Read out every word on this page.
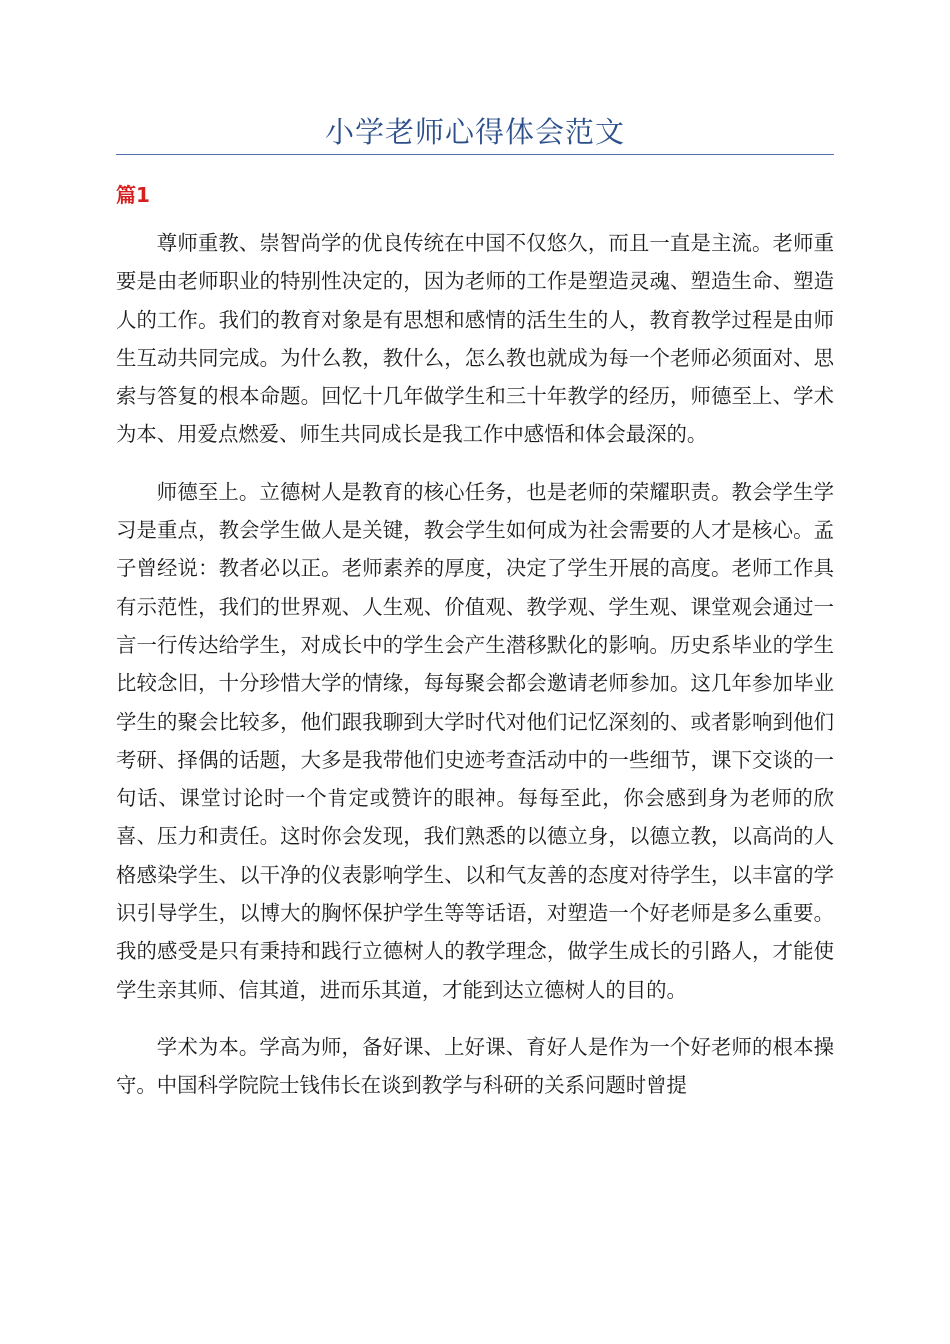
小学老师心得体会范文
篇1

尊师重教、崇智尚学的优良传统在中国不仅悠久，而且一直是主流。老师重要是由老师职业的特别性决定的，因为老师的工作是塑造灵魂、塑造生命、塑造人的工作。我们的教育对象是有思想和感情的活生生的人，教育教学过程是由师生互动共同完成。为什么教，教什么，怎么教也就成为每一个老师必须面对、思索与答复的根本命题。回忆十几年做学生和三十年教学的经历，师德至上、学术为本、用爱点燃爱、师生共同成长是我工作中感悟和体会最深的。

师德至上。立德树人是教育的核心任务，也是老师的荣耀职责。教会学生学习是重点，教会学生做人是关键，教会学生如何成为社会需要的人才是核心。孟子曾经说：教者必以正。老师素养的厚度，决定了学生开展的高度。老师工作具有示范性，我们的世界观、人生观、价值观、教学观、学生观、课堂观会通过一言一行传达给学生，对成长中的学生会产生潜移默化的影响。历史系毕业的学生比较念旧，十分珍惜大学的情缘，每每聚会都会邀请老师参加。这几年参加毕业学生的聚会比较多，他们跟我聊到大学时代对他们记忆深刻的、或者影响到他们考研、择偶的话题，大多是我带他们史迹考查活动中的一些细节，课下交谈的一句话、课堂讨论时一个肯定或赞许的眼神。每每至此，你会感到身为老师的欣喜、压力和责任。这时你会发现，我们熟悉的以德立身，以德立教，以高尚的人格感染学生、以干净的仪表影响学生、以和气友善的态度对待学生，以丰富的学识引导学生，以博大的胸怀保护学生等等话语，对塑造一个好老师是多么重要。我的感受是只有秉持和践行立德树人的教学理念，做学生成长的引路人，才能使学生亲其师、信其道，进而乐其道，才能到达立德树人的目的。

学术为本。学高为师，备好课、上好课、育好人是作为一个好老师的根本操守。中国科学院院士钱伟长在谈到教学与科研的关系问题时曾提
